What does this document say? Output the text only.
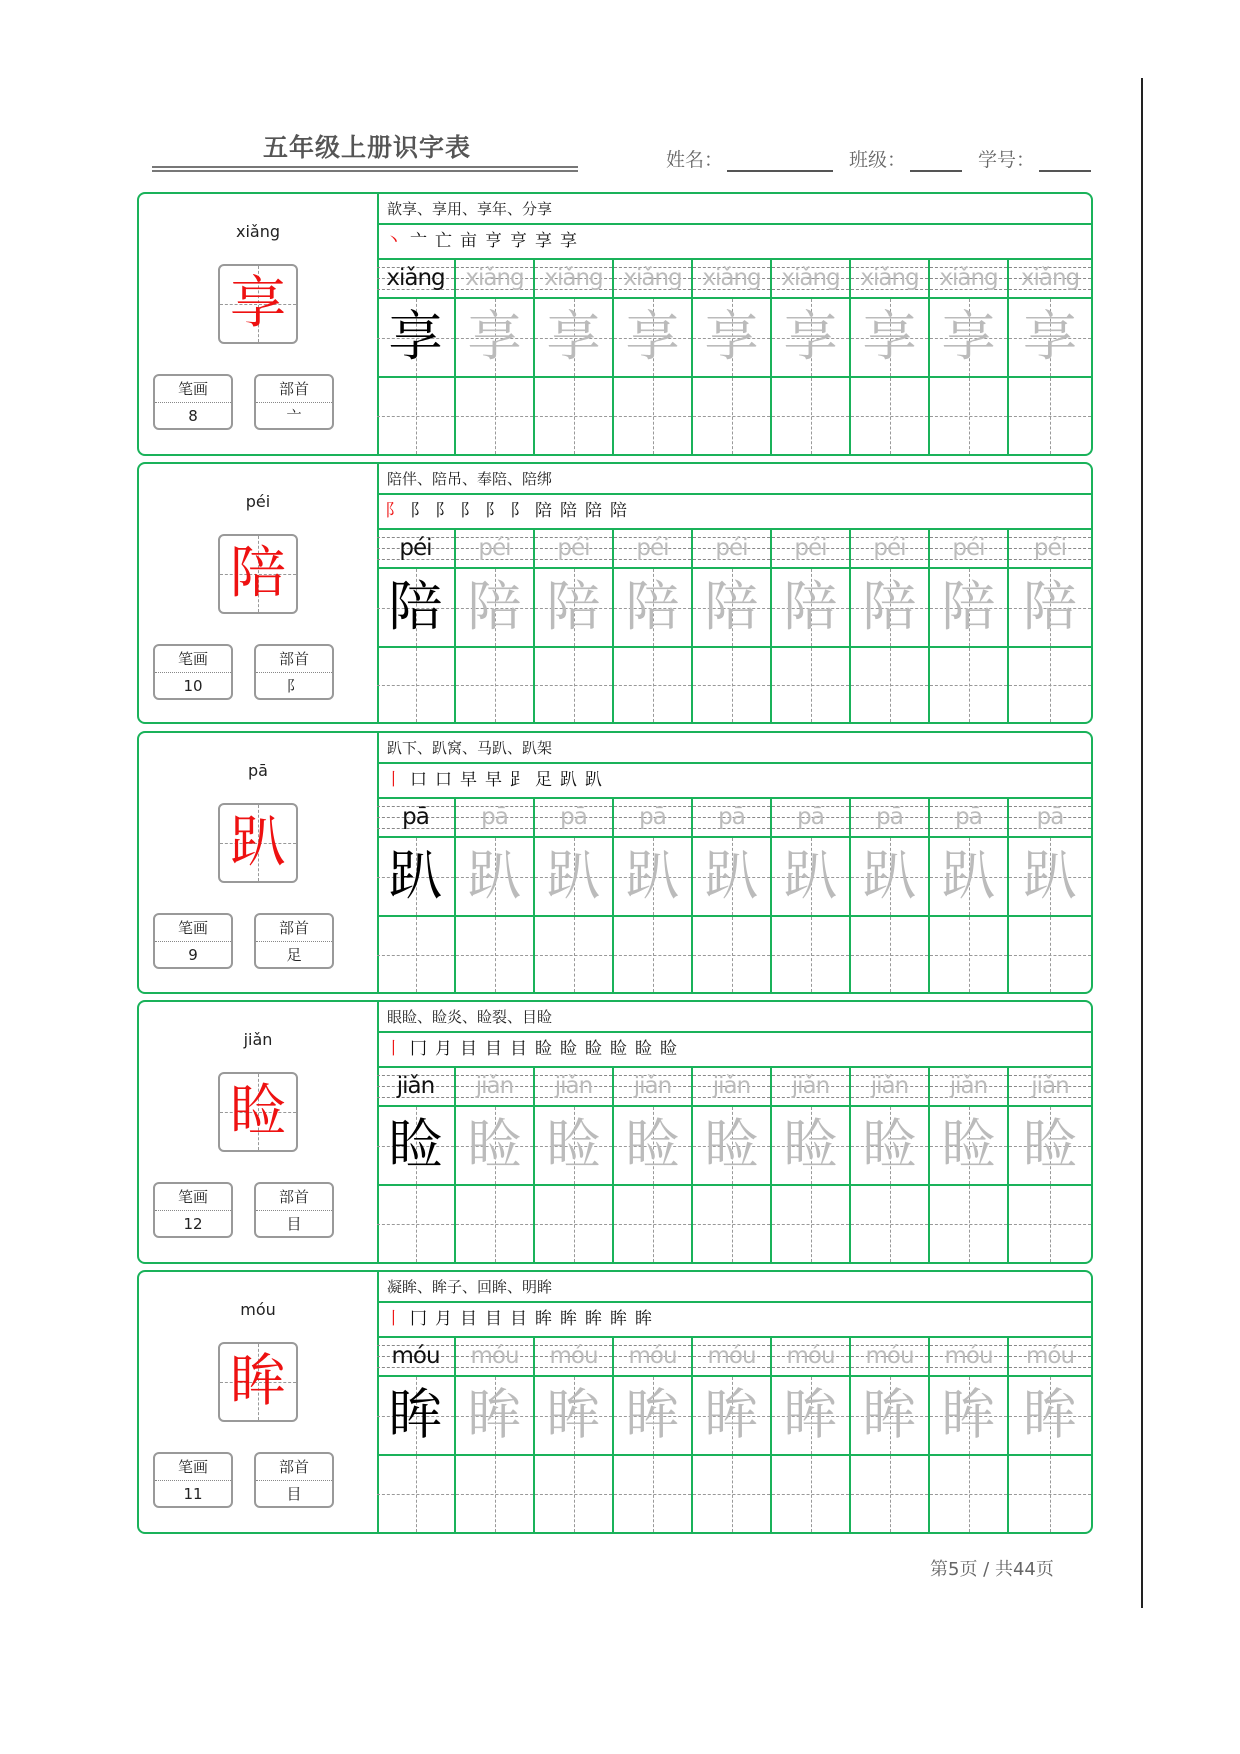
五年级上册识字表	姓名：	班级：	学号：
xiǎng
享
笔画
8
部首
亠
歆享、享用、享年、分享
丶 亠 亡 亩 亨 亨 享 享
xiǎng xiǎng xiǎng xiǎng xiǎng xiǎng xiǎng xiǎng	xiǎng
享 享 享 享 享 享 享 享 享
péi
陪
笔画
10
部首
阝
陪伴、陪吊、奉陪、陪绑
阝 阝 阝 阝 阝 阝 陪 陪 陪 陪
péi	péi	péi	péi	péi	péi	péi	péi	péi
陪 陪 陪 陪 陪 陪 陪 陪 陪
pā
趴
笔画
9
部首
足
趴下、趴窝、马趴、趴架
丨 口 口 早 早 𧾷 足 趴 趴
pā	pā	pā	pā	pā	pā	pā	pā	pā
趴 趴 趴 趴 趴 趴 趴 趴 趴
jiǎn
睑
笔画
12
部首
目
眼睑、睑炎、睑裂、目睑
丨 冂 月 目 目 目 睑 睑 睑 睑 睑 睑
jiǎn	jiǎn	jiǎn	jiǎn	jiǎn	jiǎn	jiǎn	jiǎn	jiǎn
睑 睑 睑 睑 睑 睑 睑 睑 睑
móu
眸
笔画
11
部首
目
凝眸、眸子、回眸、明眸
丨 冂 月 目 目 目 眸 眸 眸 眸 眸
móu	móu	móu	móu	móu	móu	móu	móu	móu
眸 眸 眸 眸 眸 眸 眸 眸 眸
第5页 / 共44页
